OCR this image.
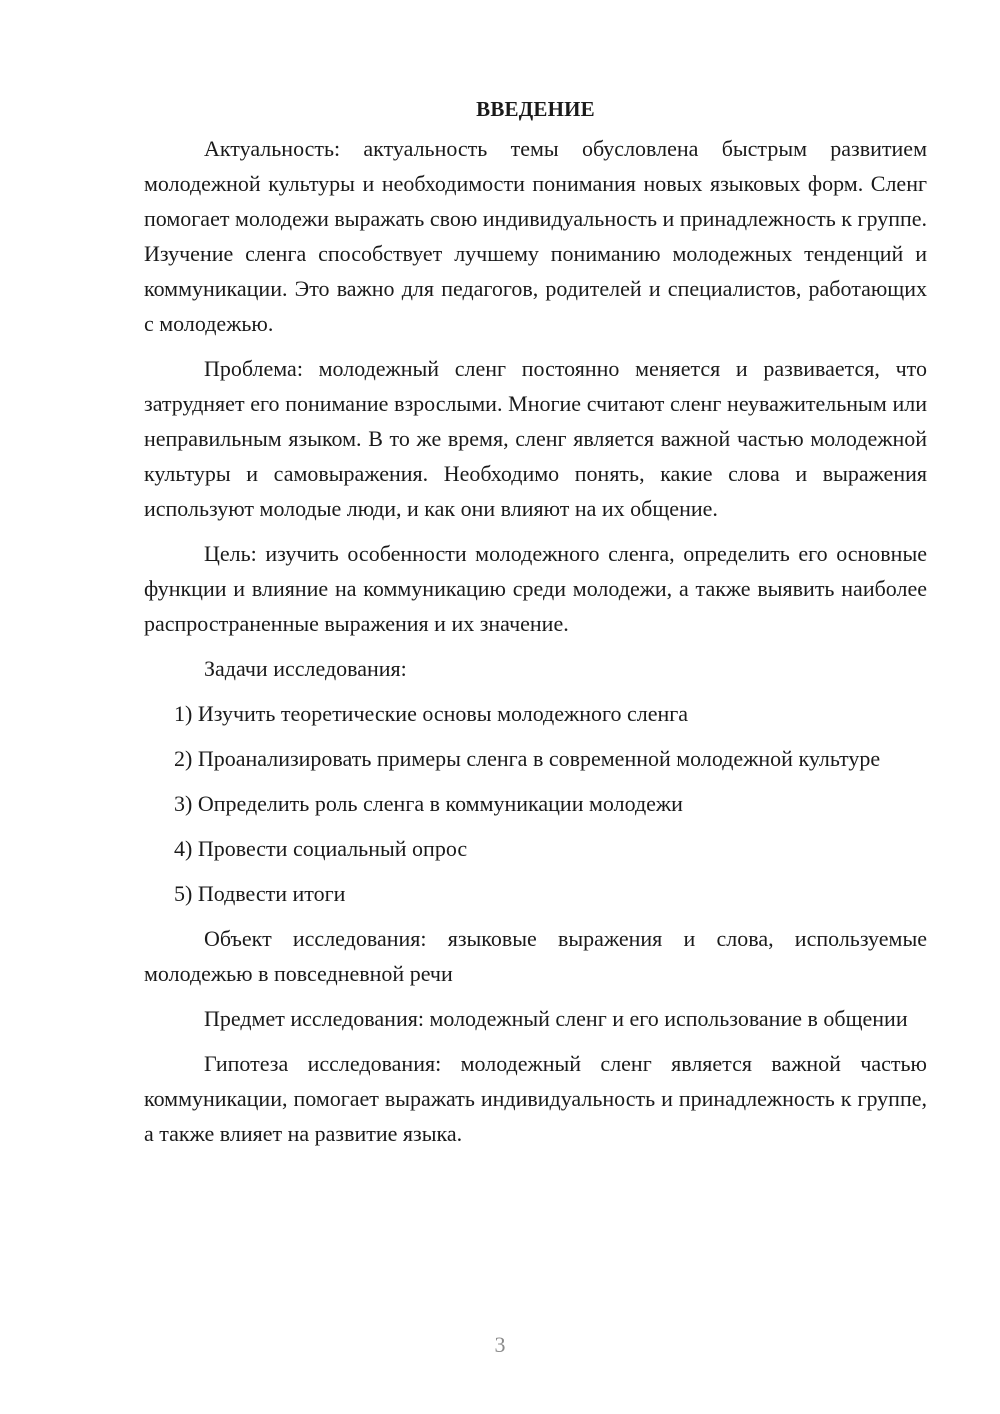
ВВЕДЕНИЕ

Актуальность: актуальность темы обусловлена быстрым развитием молодежной культуры и необходимости понимания новых языковых форм. Сленг помогает молодежи выражать свою индивидуальность и принадлежность к группе. Изучение сленга способствует лучшему пониманию молодежных тенденций и коммуникации. Это важно для педагогов, родителей и специалистов, работающих с молодежью.

Проблема: молодежный сленг постоянно меняется и развивается, что затрудняет его понимание взрослыми. Многие считают сленг неуважительным или неправильным языком. В то же время, сленг является важной частью молодежной культуры и самовыражения. Необходимо понять, какие слова и выражения используют молодые люди, и как они влияют на их общение.

Цель: изучить особенности молодежного сленга, определить его основные функции и влияние на коммуникацию среди молодежи, а также выявить наиболее распространенные выражения и их значение.

Задачи исследования:

1) Изучить теоретические основы молодежного сленга

2) Проанализировать примеры сленга в современной молодежной культуре

3) Определить роль сленга в коммуникации молодежи

4) Провести социальный опрос

5) Подвести итоги

Объект исследования: языковые выражения и слова, используемые молодежью в повседневной речи

Предмет исследования: молодежный сленг и его использование в общении

Гипотеза исследования: молодежный сленг является важной частью коммуникации, помогает выражать индивидуальность и принадлежность к группе, а также влияет на развитие языка.

3
